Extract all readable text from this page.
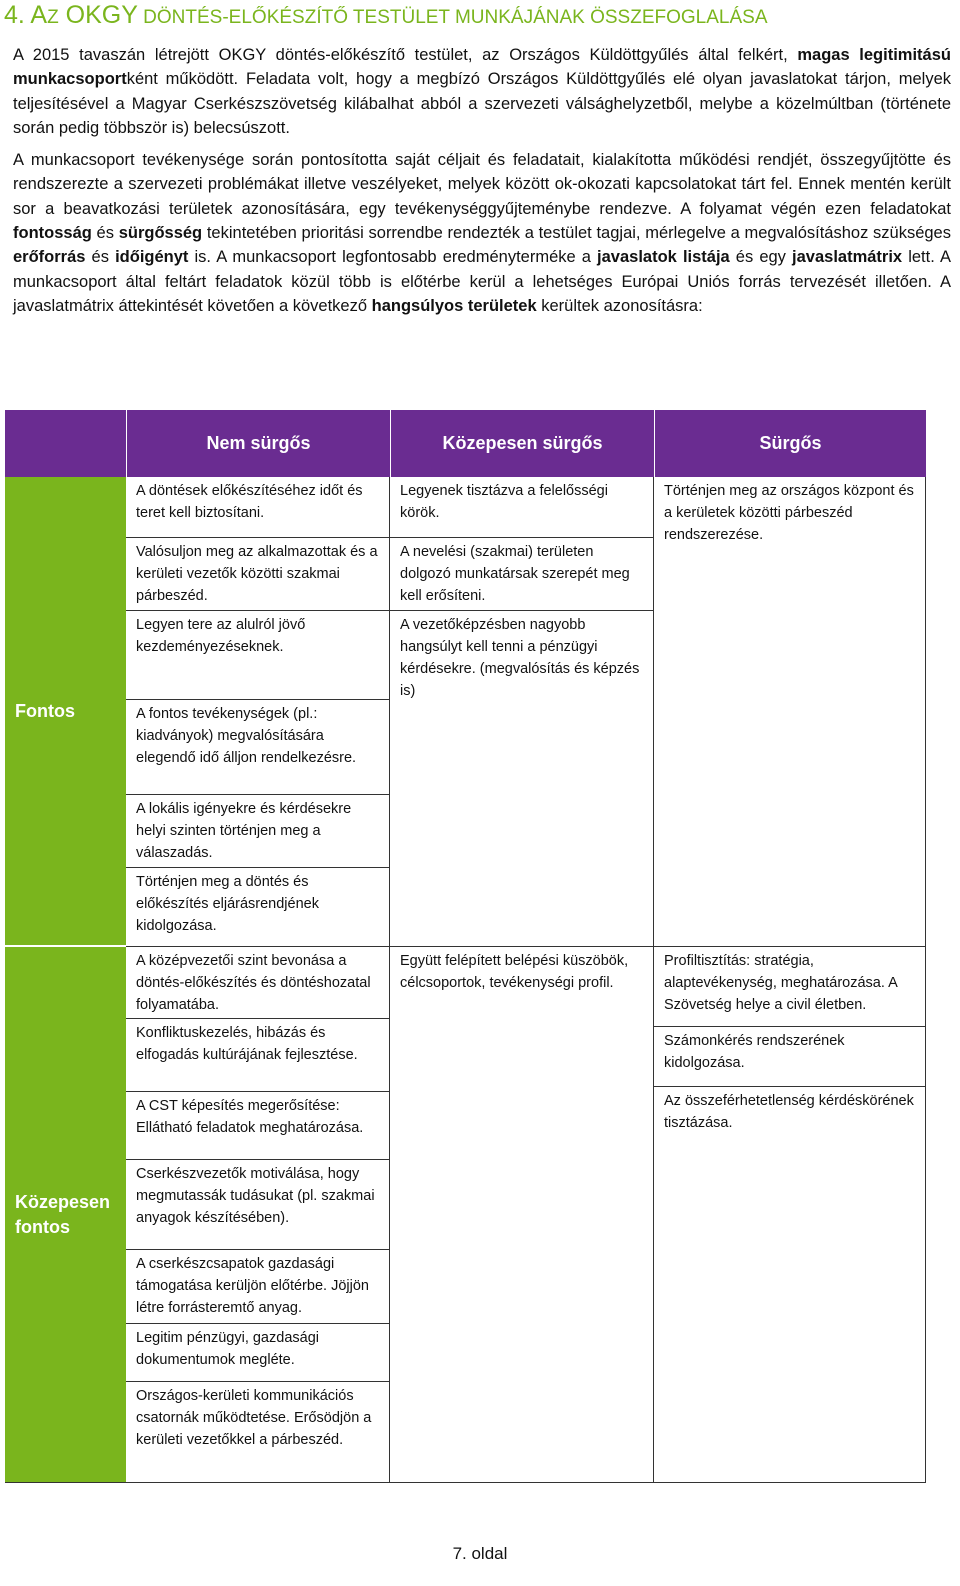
4. AZ OKGY DÖNTÉS-ELŐKÉSZÍTŐ TESTÜLET MUNKÁJÁNAK ÖSSZEFOGLALÁSA

A 2015 tavaszán létrejött OKGY döntés-előkészítő testület, az Országos Küldöttgyűlés által felkért, magas legitimitású munkacsoportként működött. Feladata volt, hogy a megbízó Országos Küldöttgyűlés elé olyan javaslatokat tárjon, melyek teljesítésével a Magyar Cserkészszövetség kilábalhat abból a szervezeti válsághelyzetből, melybe a közelmúltban (története során pedig többször is) belecsúszott.

A munkacsoport tevékenysége során pontosította saját céljait és feladatait, kialakította működési rendjét, összegyűjtötte és rendszerezte a szervezeti problémákat illetve veszélyeket, melyek között ok-okozati kapcsolatokat tárt fel. Ennek mentén került sor a beavatkozási területek azonosítására, egy tevékenységgyűjteménybe rendezve. A folyamat végén ezen feladatokat fontosság és sürgősség tekintetében prioritási sorrendbe rendezték a testület tagjai, mérlegelve a megvalósításhoz szükséges erőforrás és időigényt is. A munkacsoport legfontosabb eredménytermékе a javaslatok listája és egy javaslatmátrix lett. A munkacsoport által feltárt feladatok közül több is előtérbe kerül a lehetséges Európai Uniós forrás tervezését illetően. A javaslatmátrix áttekintését követően a következő hangsúlyos területek kerültek azonosításra:

Nem sürgős	Közepesen sürgős	Sürgős
Fontos
A döntések előkészítéséhez időt és teret kell biztosítani.
Valósuljon meg az alkalmazottak és a kerületi vezetők közötti szakmai párbeszéd.
Legyen tere az alulról jövő kezdeményezéseknek.
A fontos tevékenységek (pl.: kiadványok) megvalósítására elegendő idő álljon rendelkezésre.
A lokális igényekre és kérdésekre helyi szinten történjen meg a válaszadás.
Történjen meg a döntés és előkészítés eljárásrendjének kidolgozása.
Legyenek tisztázva a felelősségi körök.
A nevelési (szakmai) területen dolgozó munkatársak szerepét meg kell erősíteni.
A vezetőképzésben nagyobb hangsúlyt kell tenni a pénzügyi kérdésekre. (megvalósítás és képzés is)
Történjen meg az országos központ és a kerületek közötti párbeszéd rendszerezése.
Közepesen fontos
A középvezetői szint bevonása a döntés-előkészítés és döntéshozatal folyamatába.
Konfliktuskezelés, hibázás és elfogadás kultúrájának fejlesztése.
A CST képesítés megerősítése: Ellátható feladatok meghatározása.
Cserkészvezetők motiválása, hogy megmutassák tudásukat (pl. szakmai anyagok készítésében).
A cserkészcsapatok gazdasági támogatása kerüljön előtérbe. Jöjjön létre forrásteremtő anyag.
Legitim pénzügyi, gazdasági dokumentumok megléte.
Országos-kerületi kommunikációs csatornák működtetése. Erősödjön a kerületi vezetőkkel a párbeszéd.
Együtt felépített belépési küszöbök, célcsoportok, tevékenységi profil.
Profiltisztítás: stratégia, alaptevékenység, meghatározása. A Szövetség helye a civil életben.
Számonkérés rendszerének kidolgozása.
Az összeférhetetlenség kérdéskörének tisztázása.
7. oldal
